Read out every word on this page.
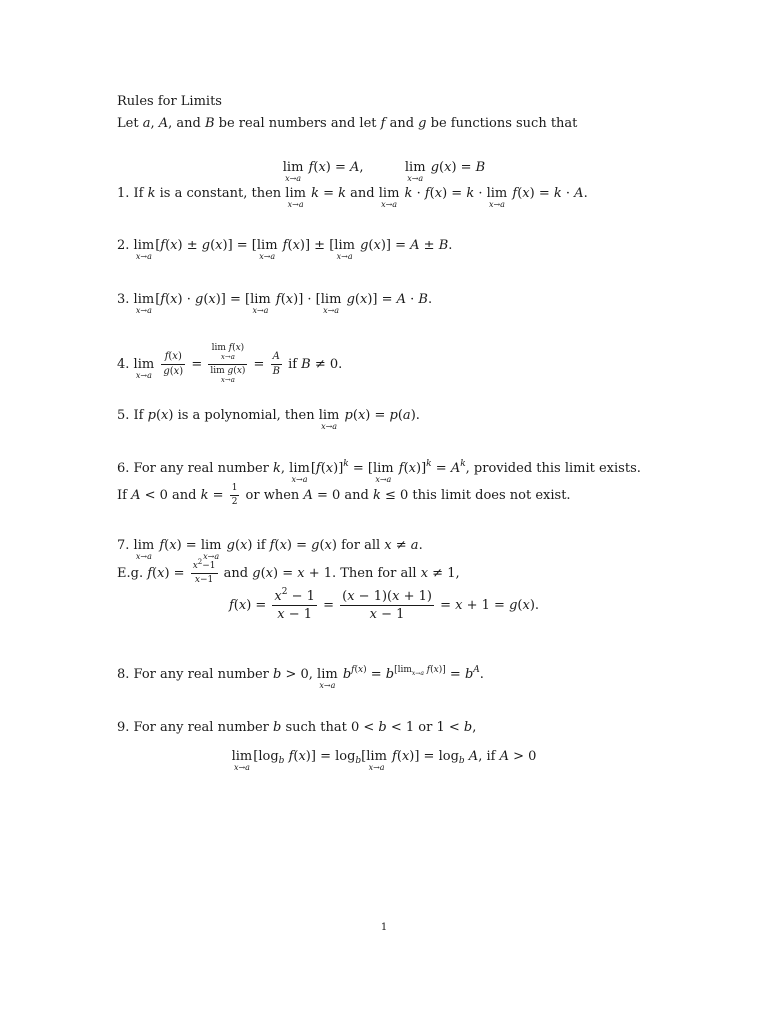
Rules for Limits
Let a, A, and B be real numbers and let f and g be functions such that
lim
x→a
f(x) = A, lim
x→a
g(x) = B
1. If k is a constant, then lim
x→a
k = k and lim
x→a
k · f(x) = k · lim
x→a
f(x) = k · A.
2. lim
x→a
[f(x) ± g(x)] = [ lim
x→a
f(x)] ± [ lim
x→a
g(x)] = A ± B.
3. lim
x→a
[f(x) · g(x)] = [ lim
x→a
f(x)] · [ lim
x→a
g(x)] = A · B.
4. lim
x→a
$\frac{f(x)}{g(x)}$ =
lim f(x)
x→a
lim g(x)
x→a
= $\frac{A}{B}$ if B ≠ 0.
5. If p(x) is a polynomial, then lim
x→a
p(x) = p(a).
6. For any real number k, lim
x→a
$[f(x)]^k$ = [ lim
x→a
$f(x)]^k = A^k$, provided this limit exists.
If A < 0 and $k = \frac{1}{2}$ or when A = 0 and k ≤ 0 this limit does not exist.
7. lim
x→a
f(x) = lim
x→a
g(x) if f(x) = g(x) for all x ≠ a.
E.g. $f(x) = \frac{x^2-1}{x-1}$ and g(x) = x + 1. Then for all x ≠ 1,
$f(x) = \frac{x^2 - 1}{x - 1} = \frac{(x - 1)(x + 1)}{x - 1} = x + 1 = g(x)$.
8. For any real number b > 0, lim
x→a
$b^{f(x)} = b[\lim x\to a f(x)] = b^A$.
9. For any real number b such that 0 < b < 1 or 1 < b,
lim
x→a
[$\log_b$ $f(x)] = \log_b$[ lim
x→a
$f(x)] = \log_b A$, if A > 0
1
